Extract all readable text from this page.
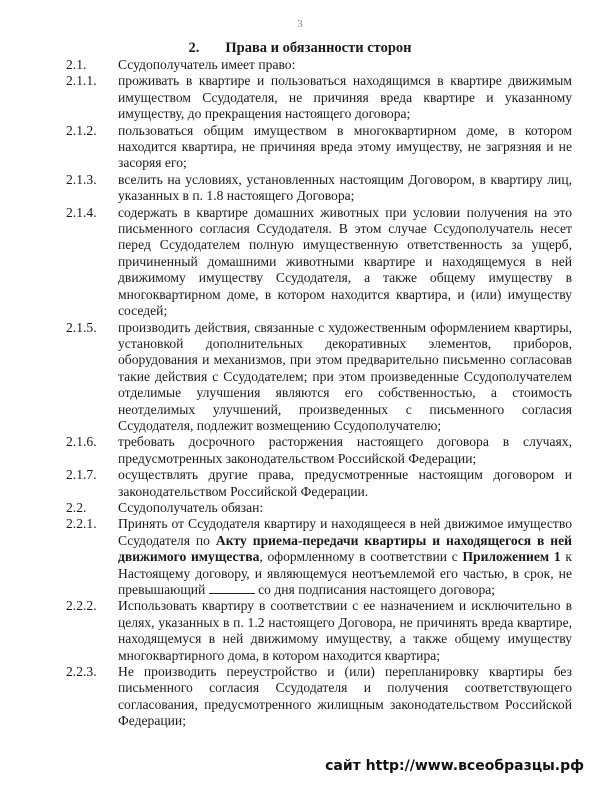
3
2. Права и обязанности сторон
2.1.	Ссудополучатель имеет право:
2.1.1.	проживать в квартире и пользоваться находящимся в квартире движимым имуществом Ссудодателя, не причиняя вреда квартире и указанному имуществу, до прекращения настоящего договора;
2.1.2.	пользоваться общим имуществом в многоквартирном доме, в котором находится квартира, не причиняя вреда этому имуществу, не загрязняя и не засоряя его;
2.1.3.	вселить на условиях, установленных настоящим Договором, в квартиру лиц, указанных в п. 1.8 настоящего Договора;
2.1.4.	содержать в квартире домашних животных при условии получения на это письменного согласия Ссудодателя. В этом случае Ссудополучатель несет перед Ссудодателем полную имущественную ответственность за ущерб, причиненный домашними животными квартире и находящемуся в ней движимому имуществу Ссудодателя, а также общему имуществу в многоквартирном доме, в котором находится квартира, и (или) имуществу соседей;
2.1.5.	производить действия, связанные с художественным оформлением квартиры, установкой дополнительных декоративных элементов, приборов, оборудования и механизмов, при этом предварительно письменно согласовав такие действия с Ссудодателем; при этом произведенные Ссудополучателем отделимые улучшения являются его собственностью, а стоимость неотделимых улучшений, произведенных с письменного согласия Ссудодателя, подлежит возмещению Ссудополучателю;
2.1.6.	требовать досрочного расторжения настоящего договора в случаях, предусмотренных законодательством Российской Федерации;
2.1.7.	осуществлять другие права, предусмотренные настоящим договором и законодательством Российской Федерации.
2.2.	Ссудополучатель обязан:
2.2.1.	Принять от Ссудодателя квартиру и находящееся в ней движимое имущество Ссудодателя по Акту приема-передачи квартиры и находящегося в ней движимого имущества, оформленному в соответствии с Приложением 1 к Настоящему договору, и являющемуся неотъемлемой его частью, в срок, не превышающий	со дня подписания настоящего договора;
2.2.2.	Использовать квартиру в соответствии с ее назначением и исключительно в целях, указанных в п. 1.2 настоящего Договора, не причинять вреда квартире, находящемуся в ней движимому имуществу, а также общему имуществу многоквартирного дома, в котором находится квартира;
2.2.3.	Не производить переустройство и (или) перепланировку квартиры без письменного согласия Ссудодателя и получения соответствующего согласования, предусмотренного жилищным законодательством Российской Федерации;
сайт http://www.всеобразцы.рф
